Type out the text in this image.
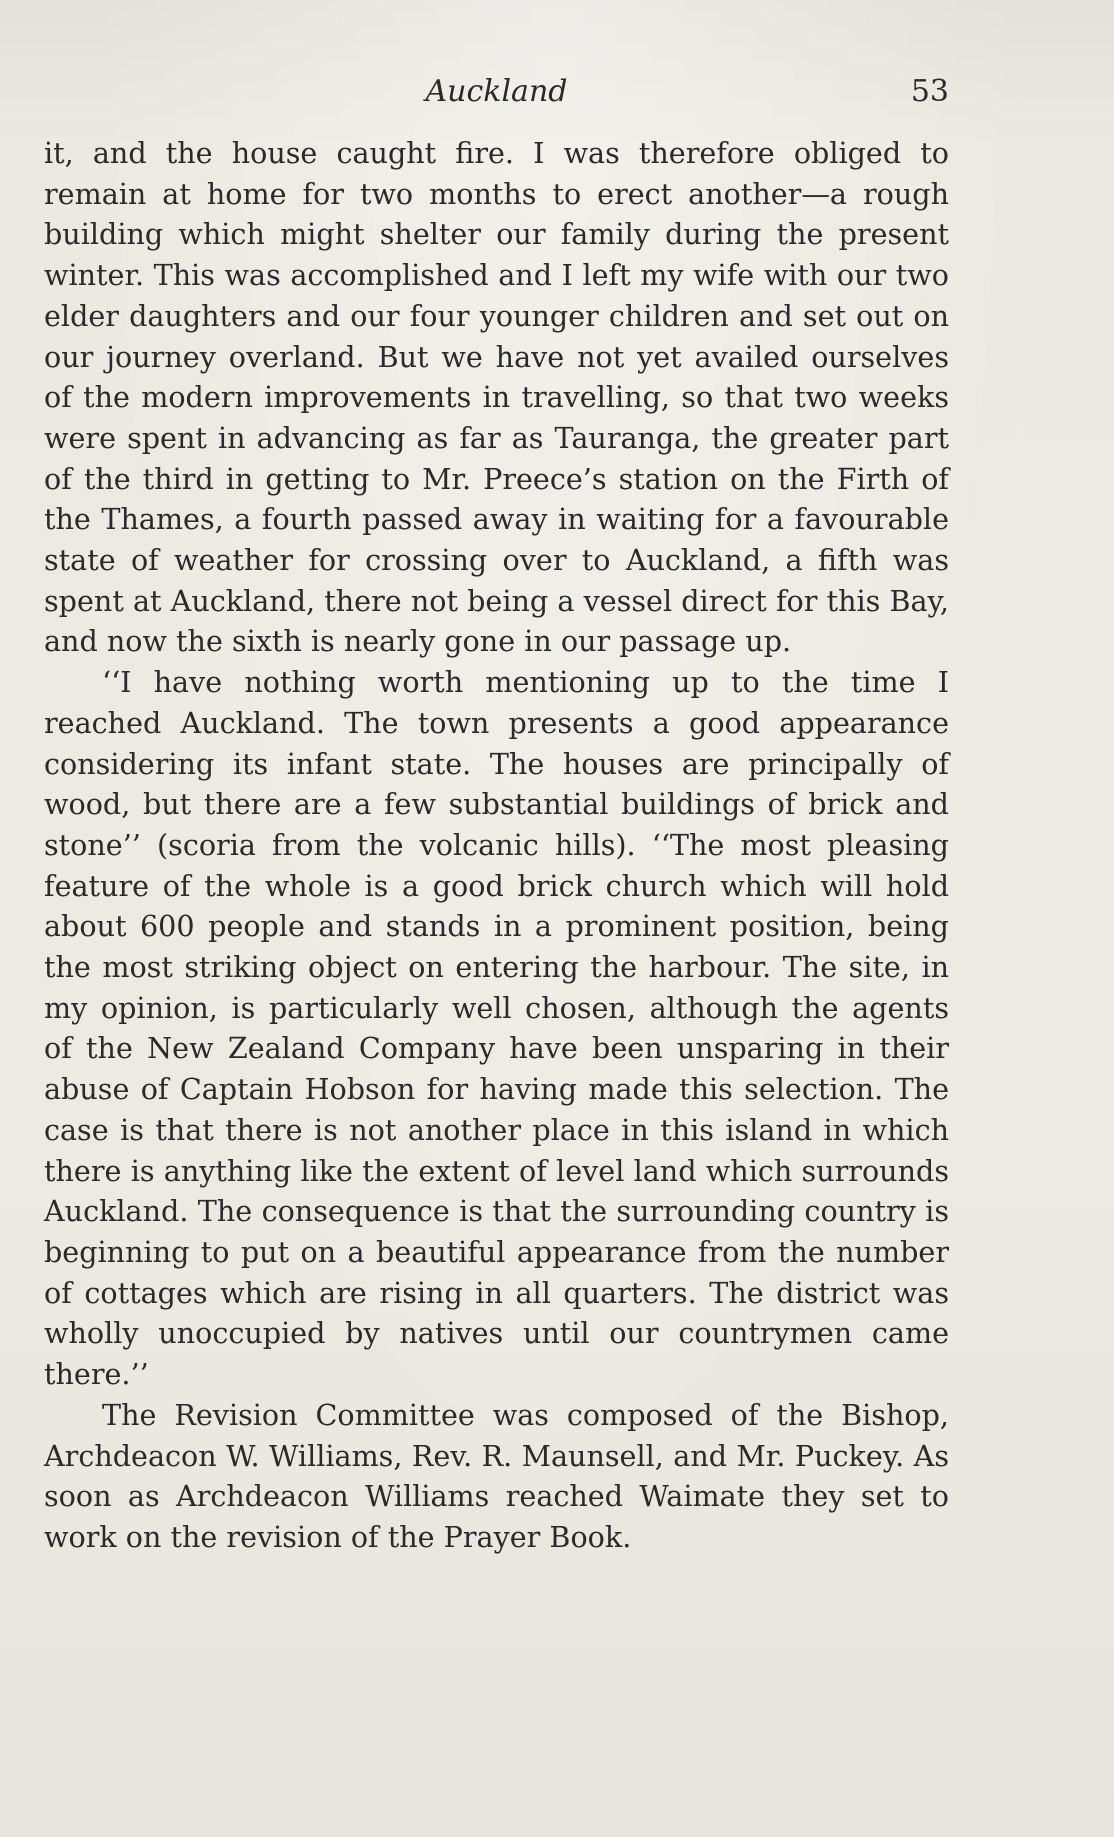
Auckland	53

it, and the house caught fire. I was therefore obliged to remain at home for two months to erect another—a rough building which might shelter our family during the present winter. This was accomplished and I left my wife with our two elder daughters and our four younger children and set out on our journey overland. But we have not yet availed ourselves of the modern improvements in travelling, so that two weeks were spent in advancing as far as Tauranga, the greater part of the third in getting to Mr. Preece’s station on the Firth of the Thames, a fourth passed away in waiting for a favourable state of weather for crossing over to Auckland, a fifth was spent at Auckland, there not being a vessel direct for this Bay, and now the sixth is nearly gone in our passage up.

‘‘I have nothing worth mentioning up to the time I reached Auckland. The town presents a good appearance considering its infant state. The houses are principally of wood, but there are a few substantial buildings of brick and stone’’ (scoria from the volcanic hills). ‘‘The most pleasing feature of the whole is a good brick church which will hold about 600 people and stands in a prominent position, being the most striking object on entering the harbour. The site, in my opinion, is particularly well chosen, although the agents of the New Zealand Company have been unsparing in their abuse of Captain Hobson for having made this selection. The case is that there is not another place in this island in which there is anything like the extent of level land which surrounds Auckland. The consequence is that the surrounding country is beginning to put on a beautiful appearance from the number of cottages which are rising in all quarters. The district was wholly unoccupied by natives until our countrymen came there.’’

The Revision Committee was composed of the Bishop, Archdeacon W. Williams, Rev. R. Maunsell, and Mr. Puckey. As soon as Archdeacon Williams reached Waimate they set to work on the revision of the Prayer Book.
